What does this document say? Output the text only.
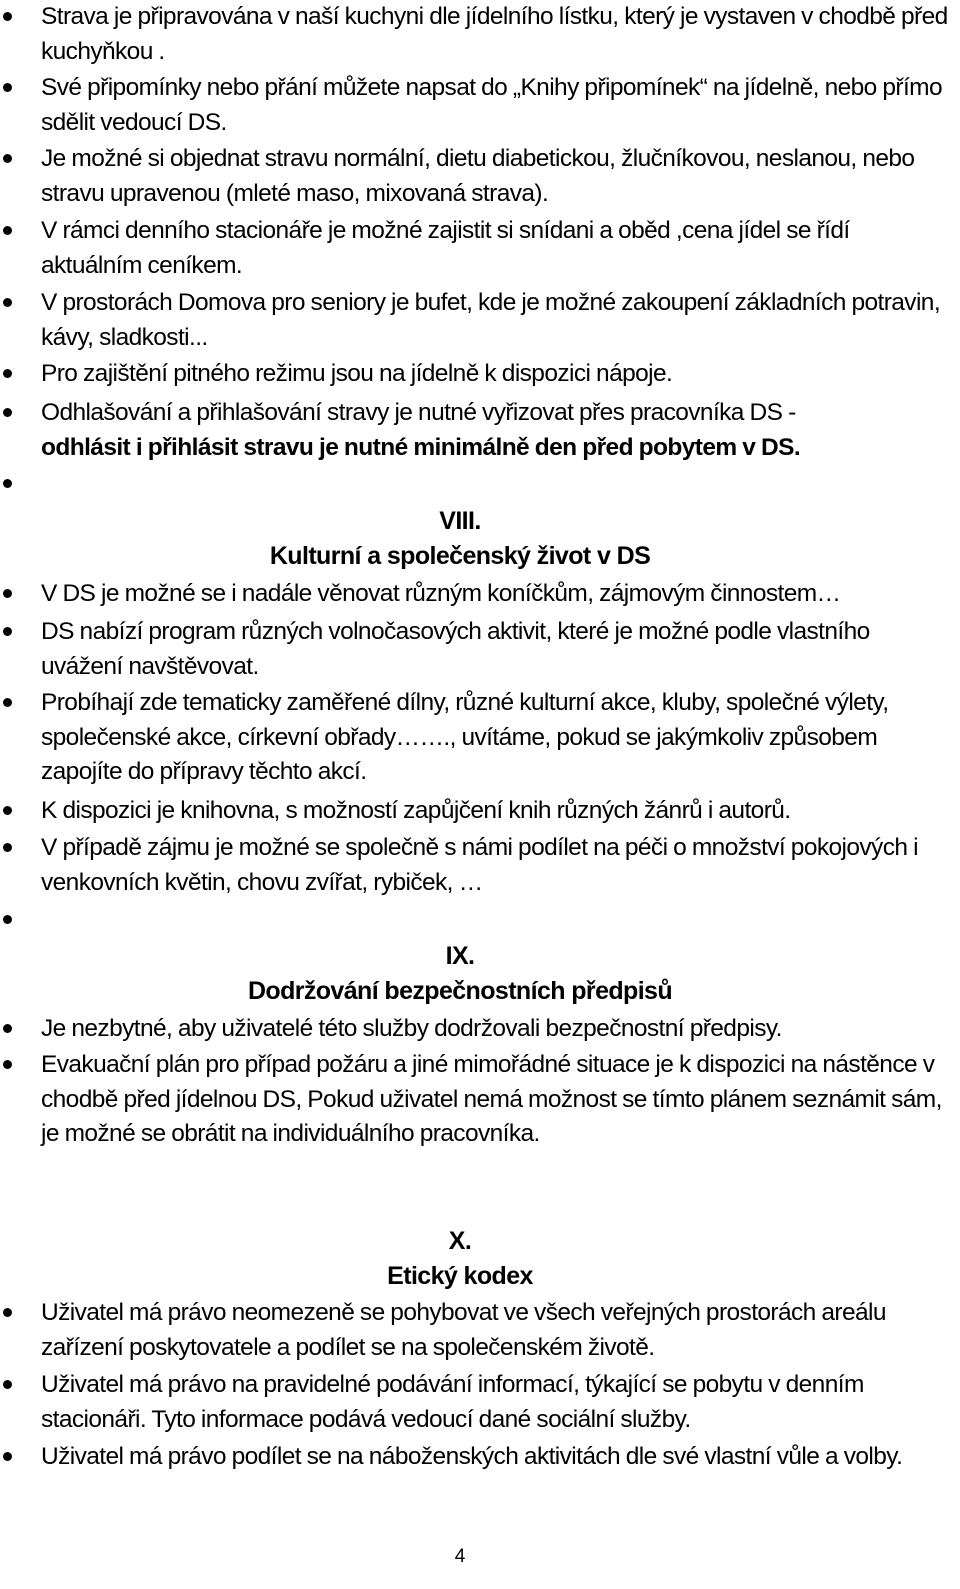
Strava je připravována v naší kuchyni dle jídelního lístku, který je vystaven v chodbě před kuchyňkou .
Své připomínky nebo přání můžete napsat do „Knihy připomínek“ na jídelně, nebo přímo sdělit vedoucí DS.
Je možné si objednat stravu normální, dietu diabetickou, žlučníkovou, neslanou, nebo stravu upravenou (mleté maso, mixovaná strava).
V rámci denního stacionáře je možné zajistit si snídani a oběd ,cena jídel se řídí aktuálním ceníkem.
V prostorách Domova pro seniory je bufet, kde je možné zakoupení základních potravin, kávy, sladkosti...
Pro zajištění pitného režimu jsou na jídelně k dispozici nápoje.
Odhlašování a přihlašování stravy je nutné vyřizovat přes pracovníka DS -
odhlásit i přihlásit stravu je nutné minimálně den před pobytem v DS.
VIII.
Kulturní a společenský život v DS
V DS je možné se i nadále věnovat různým koníčkům, zájmovým činnostem…
DS nabízí program různých volnočasových aktivit, které je možné podle vlastního uvážení navštěvovat.
Probíhají zde tematicky zaměřené dílny, různé kulturní akce, kluby, společné výlety, společenské akce, církevní obřady……., uvítáme, pokud se jakýmkoliv způsobem zapojíte do přípravy těchto akcí.
K dispozici je knihovna, s možností zapůjčení knih různých žánrů i autorů.
V případě zájmu je možné se společně s námi podílet na péči o množství pokojových i venkovních květin, chovu zvířat, rybiček, …
IX.
Dodržování bezpečnostních předpisů
Je nezbytné, aby uživatelé této služby dodržovali bezpečnostní předpisy.
Evakuační plán pro případ požáru a jiné mimořádné situace je k dispozici na nástěnce v chodbě před jídelnou DS, Pokud uživatel nemá možnost se tímto plánem seznámit sám, je možné se obrátit na individuálního pracovníka.
X.
Etický kodex
Uživatel má právo neomezeně se pohybovat ve všech veřejných prostorách areálu zařízení poskytovatele a podílet se na společenském životě.
Uživatel má právo na pravidelné podávání informací, týkající se pobytu v denním stacionáři. Tyto informace podává vedoucí dané sociální služby.
Uživatel má právo podílet se na náboženských aktivitách dle své vlastní vůle a volby.
4
